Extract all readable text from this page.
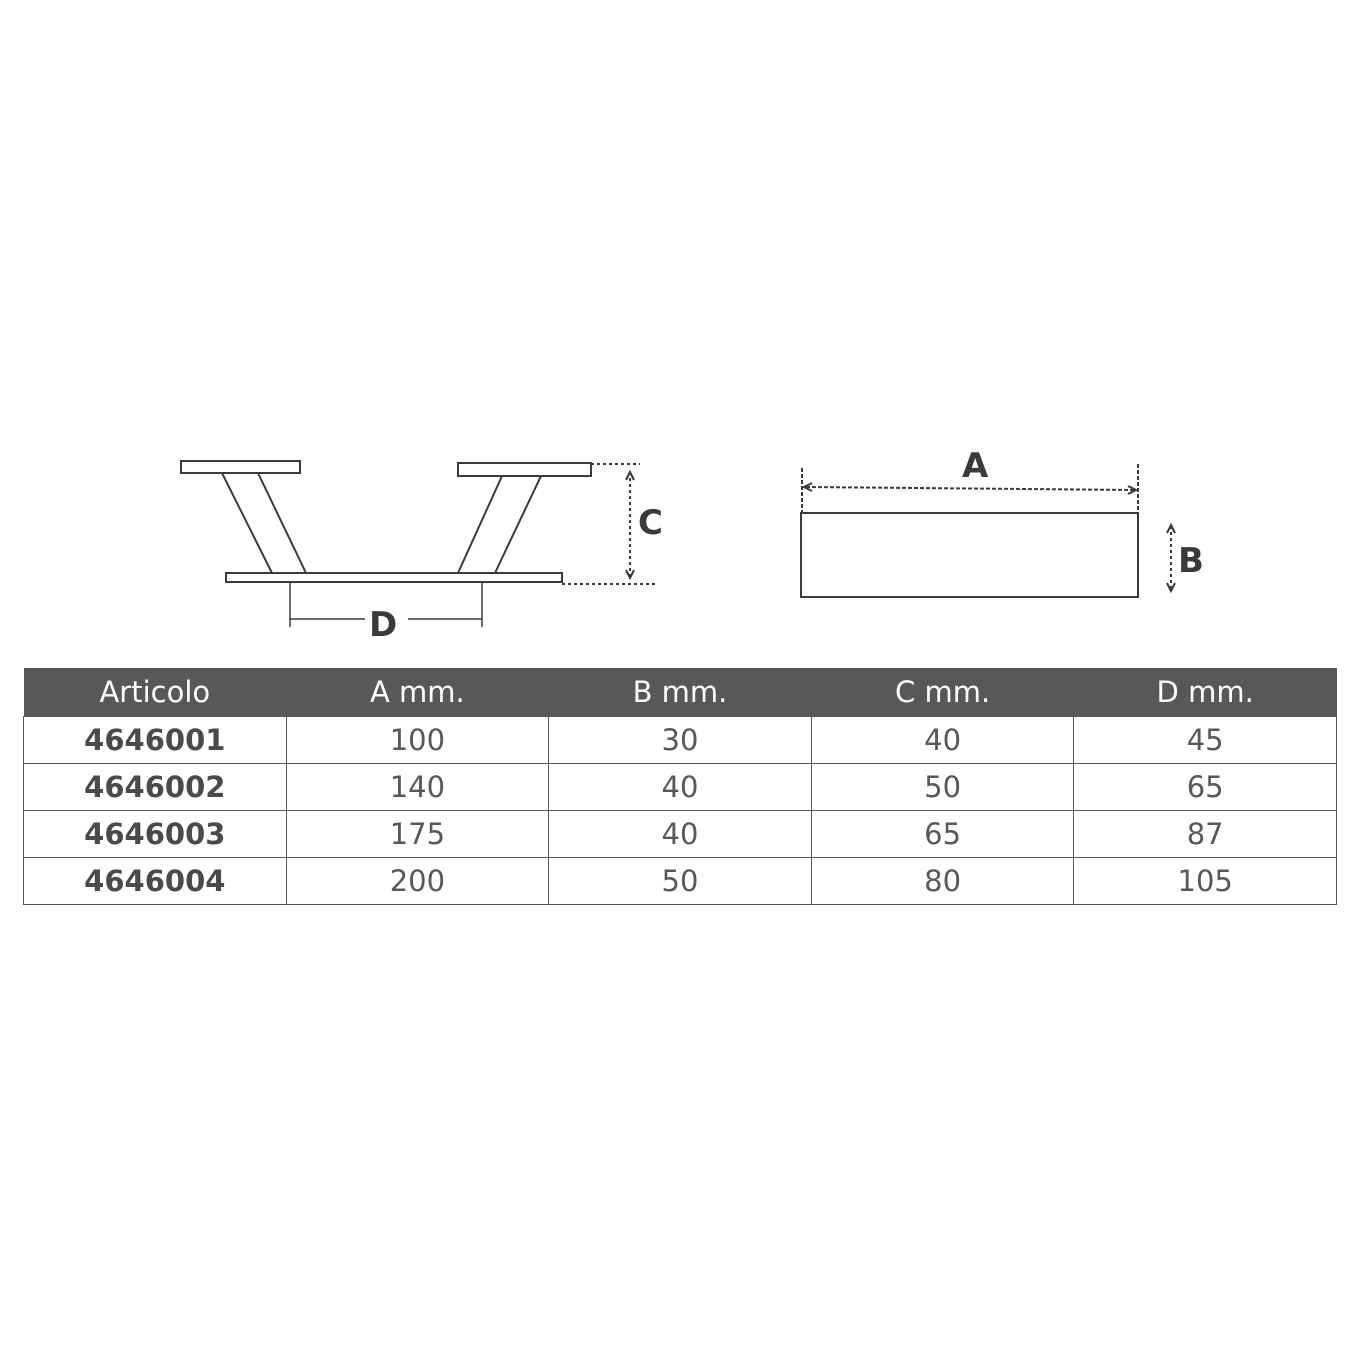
C
D
A
B
Articolo	A mm.	B mm.	C mm.	D mm.
4646001	100	30	40	45
4646002	140	40	50	65
4646003	175	40	65	87
4646004	200	50	80	105
